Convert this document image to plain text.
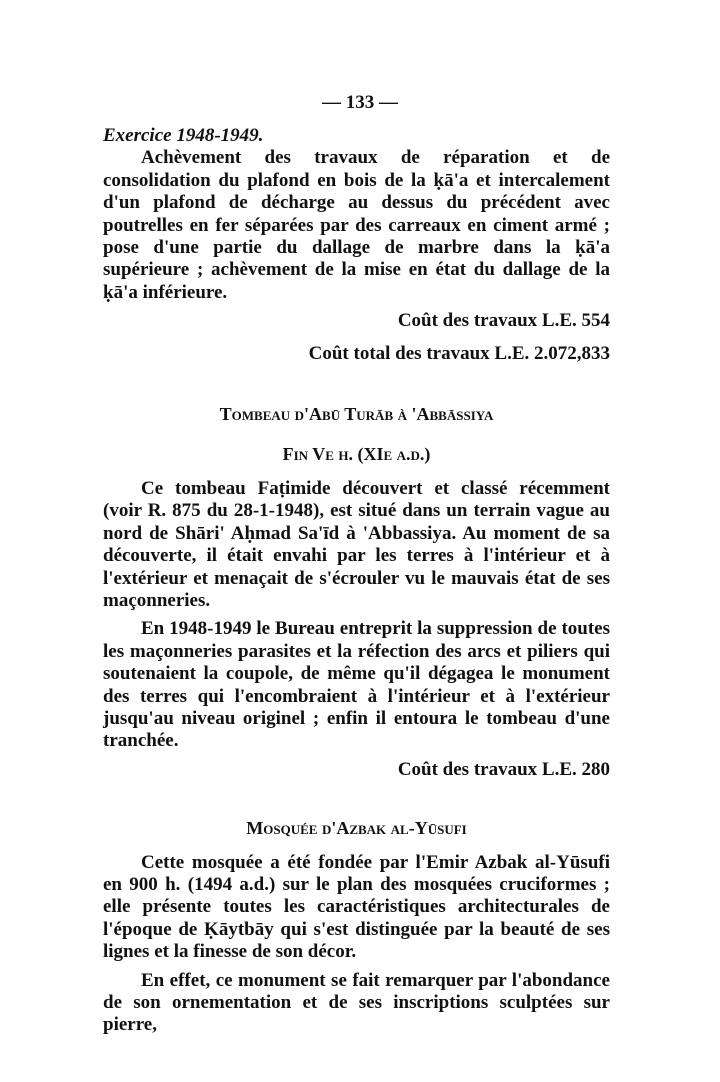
— 133 —

Exercice 1948-1949.

Achèvement des travaux de réparation et de consolidation du plafond en bois de la ḳā'a et intercalement d'un plafond de décharge au dessus du précédent avec poutrelles en fer séparées par des carreaux en ciment armé ; pose d'une partie du dallage de marbre dans la ḳā'a supérieure ; achèvement de la mise en état du dallage de la ḳā'a inférieure.

Coût des travaux L.E. 554

Coût total des travaux L.E. 2.072,833

Tombeau d'Abū Turāb à 'Abbāssiya

Fin Ve h. (XIe a.d.)

Ce tombeau Faṭimide découvert et classé récemment (voir R. 875 du 28-1-1948), est situé dans un terrain vague au nord de Shāri' Aḥmad Sa'īd à 'Abbassiya. Au moment de sa découverte, il était envahi par les terres à l'intérieur et à l'extérieur et menaçait de s'écrouler vu le mauvais état de ses maçonneries.

En 1948-1949 le Bureau entreprit la suppression de toutes les maçonneries parasites et la réfection des arcs et piliers qui soutenaient la coupole, de même qu'il dégagea le monument des terres qui l'encombraient à l'intérieur et à l'extérieur jusqu'au niveau originel ; enfin il entoura le tombeau d'une tranchée.

Coût des travaux L.E. 280

Mosquée d'Azbak al-Yūsufi

Cette mosquée a été fondée par l'Emir Azbak al-Yūsufi en 900 h. (1494 a.d.) sur le plan des mosquées cruciformes ; elle présente toutes les caractéristiques architecturales de l'époque de Ḳāytbāy qui s'est distinguée par la beauté de ses lignes et la finesse de son décor.

En effet, ce monument se fait remarquer par l'abondance de son ornementation et de ses inscriptions sculptées sur pierre,
